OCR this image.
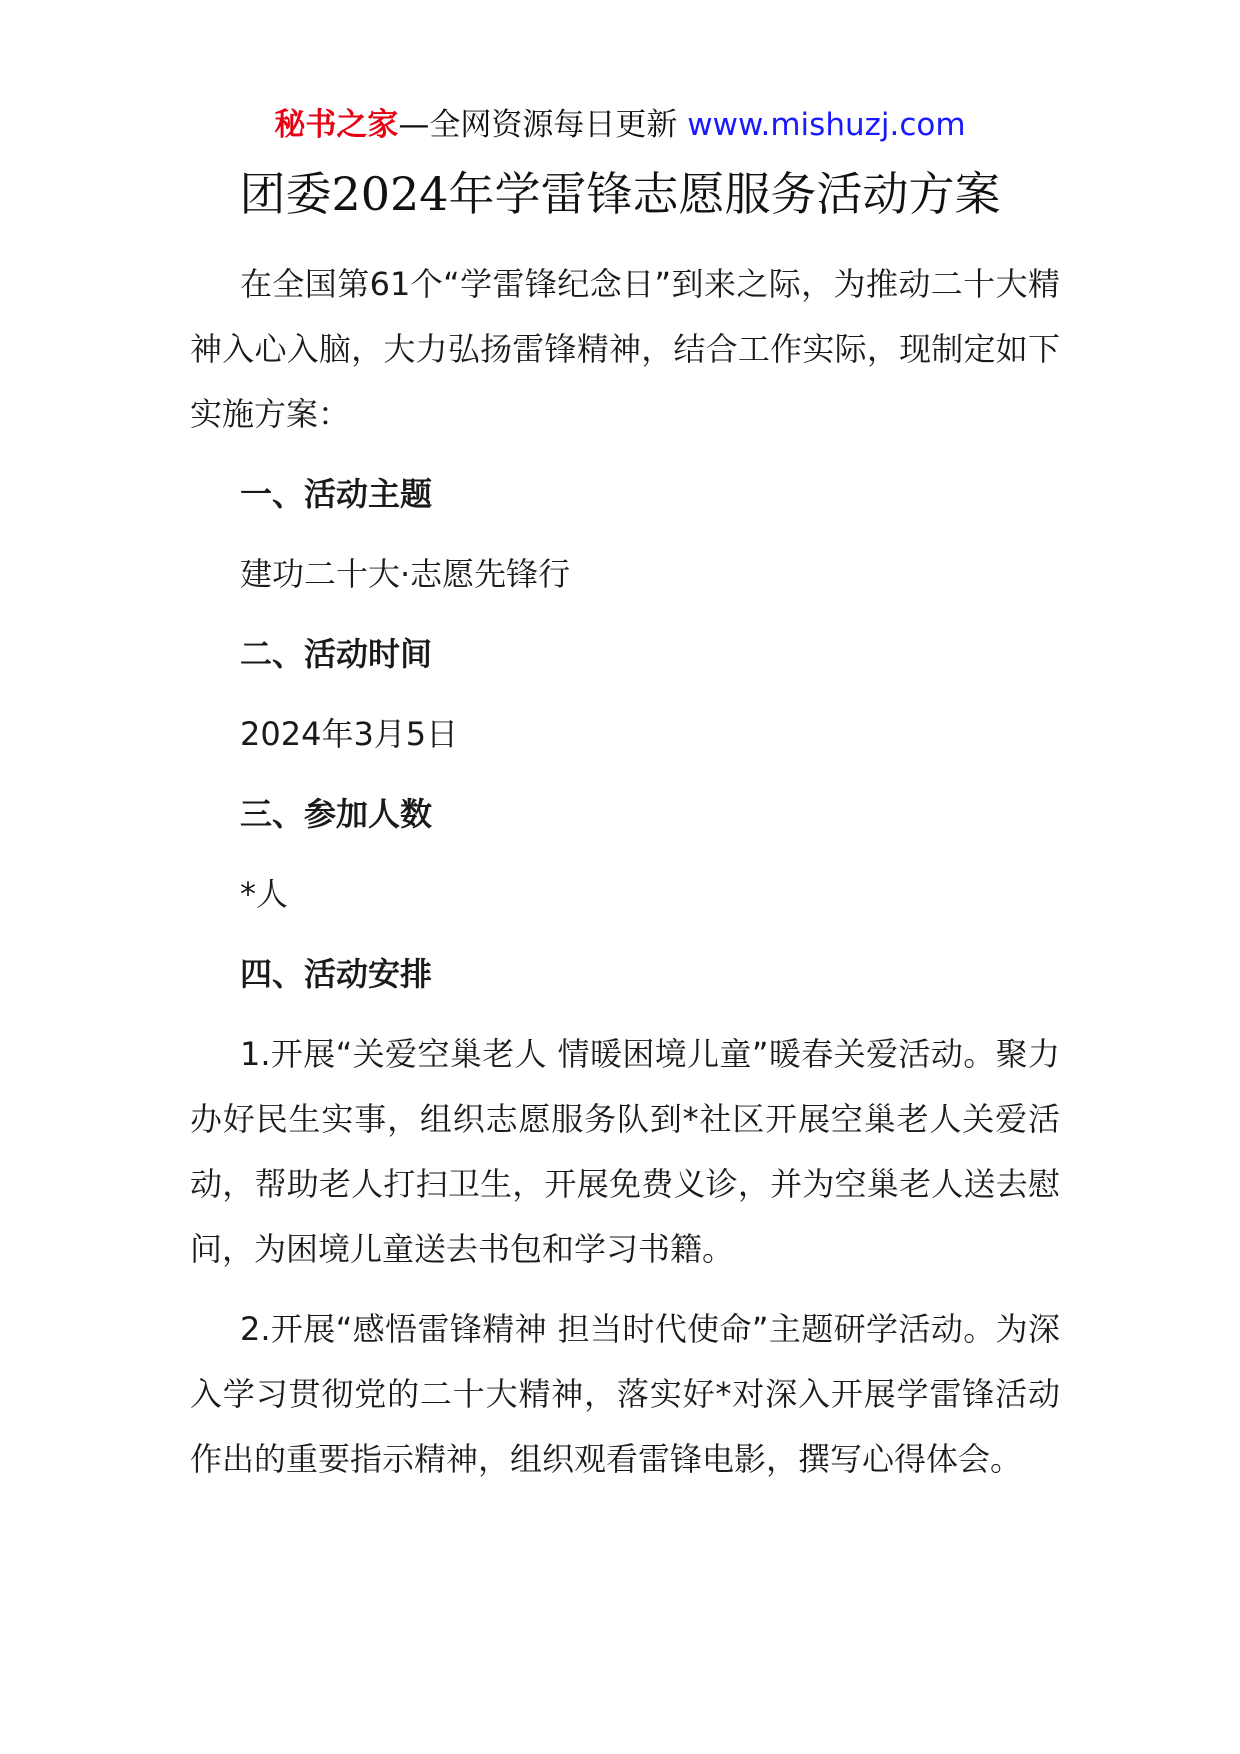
秘书之家—全网资源每日更新 www.mishuzj.com
团委2024年学雷锋志愿服务活动方案

在全国第61个“学雷锋纪念日”到来之际，为推动二十大精神入心入脑，大力弘扬雷锋精神，结合工作实际，现制定如下实施方案：

一、活动主题

建功二十大·志愿先锋行

二、活动时间

2024年3月5日

三、参加人数

*人

四、活动安排

1.开展“关爱空巢老人 情暖困境儿童”暖春关爱活动。聚力办好民生实事，组织志愿服务队到*社区开展空巢老人关爱活动，帮助老人打扫卫生，开展免费义诊，并为空巢老人送去慰问，为困境儿童送去书包和学习书籍。

2.开展“感悟雷锋精神 担当时代使命”主题研学活动。为深入学习贯彻党的二十大精神，落实好*对深入开展学雷锋活动作出的重要指示精神，组织观看雷锋电影，撰写心得体会。
